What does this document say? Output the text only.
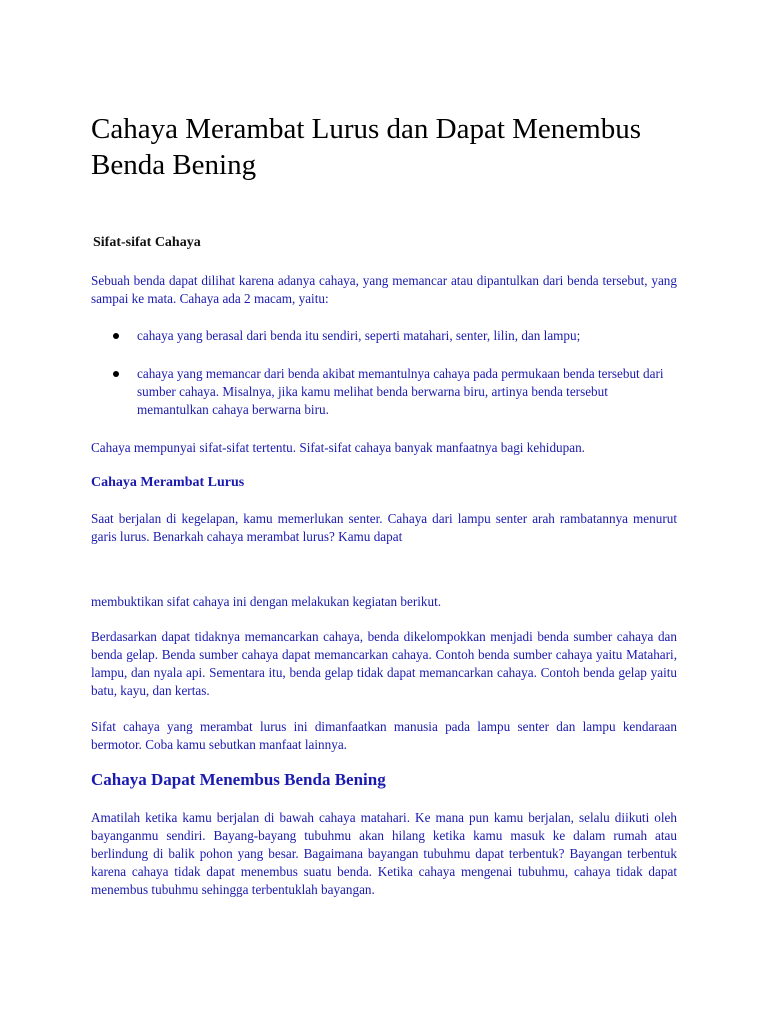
Cahaya Merambat Lurus dan Dapat Menembus Benda Bening
Sifat-sifat Cahaya

Sebuah benda dapat dilihat karena adanya cahaya, yang memancar atau dipantulkan dari benda tersebut, yang sampai ke mata. Cahaya ada 2 macam, yaitu:

cahaya yang berasal dari benda itu sendiri, seperti matahari, senter, lilin, dan lampu;
cahaya yang memancar dari benda akibat memantulnya cahaya pada permukaan benda tersebut dari sumber cahaya. Misalnya, jika kamu melihat benda berwarna biru, artinya benda tersebut memantulkan cahaya berwarna biru.

Cahaya mempunyai sifat-sifat tertentu. Sifat-sifat cahaya banyak manfaatnya bagi kehidupan.

Cahaya Merambat Lurus

Saat berjalan di kegelapan, kamu memerlukan senter. Cahaya dari lampu senter arah rambatannya menurut garis lurus. Benarkah cahaya merambat lurus? Kamu dapat

membuktikan sifat cahaya ini dengan melakukan kegiatan berikut.

Berdasarkan dapat tidaknya memancarkan cahaya, benda dikelompokkan menjadi benda sumber cahaya dan benda gelap. Benda sumber cahaya dapat memancarkan cahaya. Contoh benda sumber cahaya yaitu Matahari, lampu, dan nyala api. Sementara itu, benda gelap tidak dapat memancarkan cahaya. Contoh benda gelap yaitu batu, kayu, dan kertas.

Sifat cahaya yang merambat lurus ini dimanfaatkan manusia pada lampu senter dan lampu kendaraan bermotor. Coba kamu sebutkan manfaat lainnya.

Cahaya Dapat Menembus Benda Bening

Amatilah ketika kamu berjalan di bawah cahaya matahari. Ke mana pun kamu berjalan, selalu diikuti oleh bayanganmu sendiri. Bayang-bayang tubuhmu akan hilang ketika kamu masuk ke dalam rumah atau berlindung di balik pohon yang besar. Bagaimana bayangan tubuhmu dapat terbentuk? Bayangan terbentuk karena cahaya tidak dapat menembus suatu benda. Ketika cahaya mengenai tubuhmu, cahaya tidak dapat menembus tubuhmu sehingga terbentuklah bayangan.
